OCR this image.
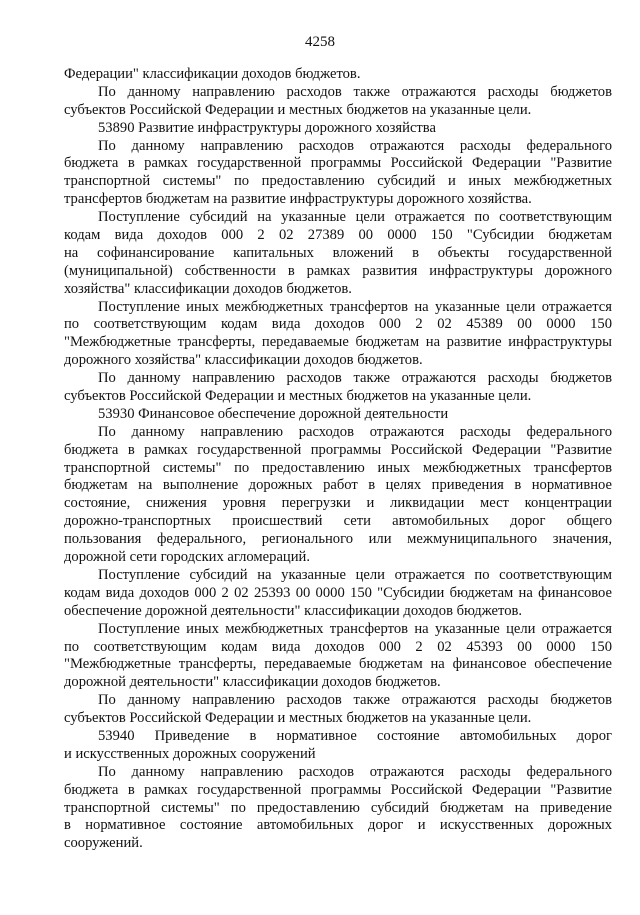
4258
Федерации" классификации доходов бюджетов.
По данному направлению расходов также отражаются расходы бюджетов
субъектов Российской Федерации и местных бюджетов на указанные цели.
53890 Развитие инфраструктуры дорожного хозяйства
По данному направлению расходов отражаются расходы федерального
бюджета в рамках государственной программы Российской Федерации "Развитие
транспортной системы" по предоставлению субсидий и иных межбюджетных
трансфертов бюджетам на развитие инфраструктуры дорожного хозяйства.
Поступление субсидий на указанные цели отражается по соответствующим
кодам вида доходов 000 2 02 27389 00 0000 150 "Субсидии бюджетам
на софинансирование капитальных вложений в объекты государственной
(муниципальной) собственности в рамках развития инфраструктуры дорожного
хозяйства" классификации доходов бюджетов.
Поступление иных межбюджетных трансфертов на указанные цели отражается
по соответствующим кодам вида доходов 000 2 02 45389 00 0000 150
"Межбюджетные трансферты, передаваемые бюджетам на развитие инфраструктуры
дорожного хозяйства" классификации доходов бюджетов.
По данному направлению расходов также отражаются расходы бюджетов
субъектов Российской Федерации и местных бюджетов на указанные цели.
53930 Финансовое обеспечение дорожной деятельности
По данному направлению расходов отражаются расходы федерального
бюджета в рамках государственной программы Российской Федерации "Развитие
транспортной системы" по предоставлению иных межбюджетных трансфертов
бюджетам на выполнение дорожных работ в целях приведения в нормативное
состояние, снижения уровня перегрузки и ликвидации мест концентрации
дорожно-транспортных происшествий сети автомобильных дорог общего
пользования федерального, регионального или межмуниципального значения,
дорожной сети городских агломераций.
Поступление субсидий на указанные цели отражается по соответствующим
кодам вида доходов 000 2 02 25393 00 0000 150 "Субсидии бюджетам на финансовое
обеспечение дорожной деятельности" классификации доходов бюджетов.
Поступление иных межбюджетных трансфертов на указанные цели отражается
по соответствующим кодам вида доходов 000 2 02 45393 00 0000 150
"Межбюджетные трансферты, передаваемые бюджетам на финансовое обеспечение
дорожной деятельности" классификации доходов бюджетов.
По данному направлению расходов также отражаются расходы бюджетов
субъектов Российской Федерации и местных бюджетов на указанные цели.
53940 Приведение в нормативное состояние автомобильных дорог
и искусственных дорожных сооружений
По данному направлению расходов отражаются расходы федерального
бюджета в рамках государственной программы Российской Федерации "Развитие
транспортной системы" по предоставлению субсидий бюджетам на приведение
в нормативное состояние автомобильных дорог и искусственных дорожных
сооружений.
